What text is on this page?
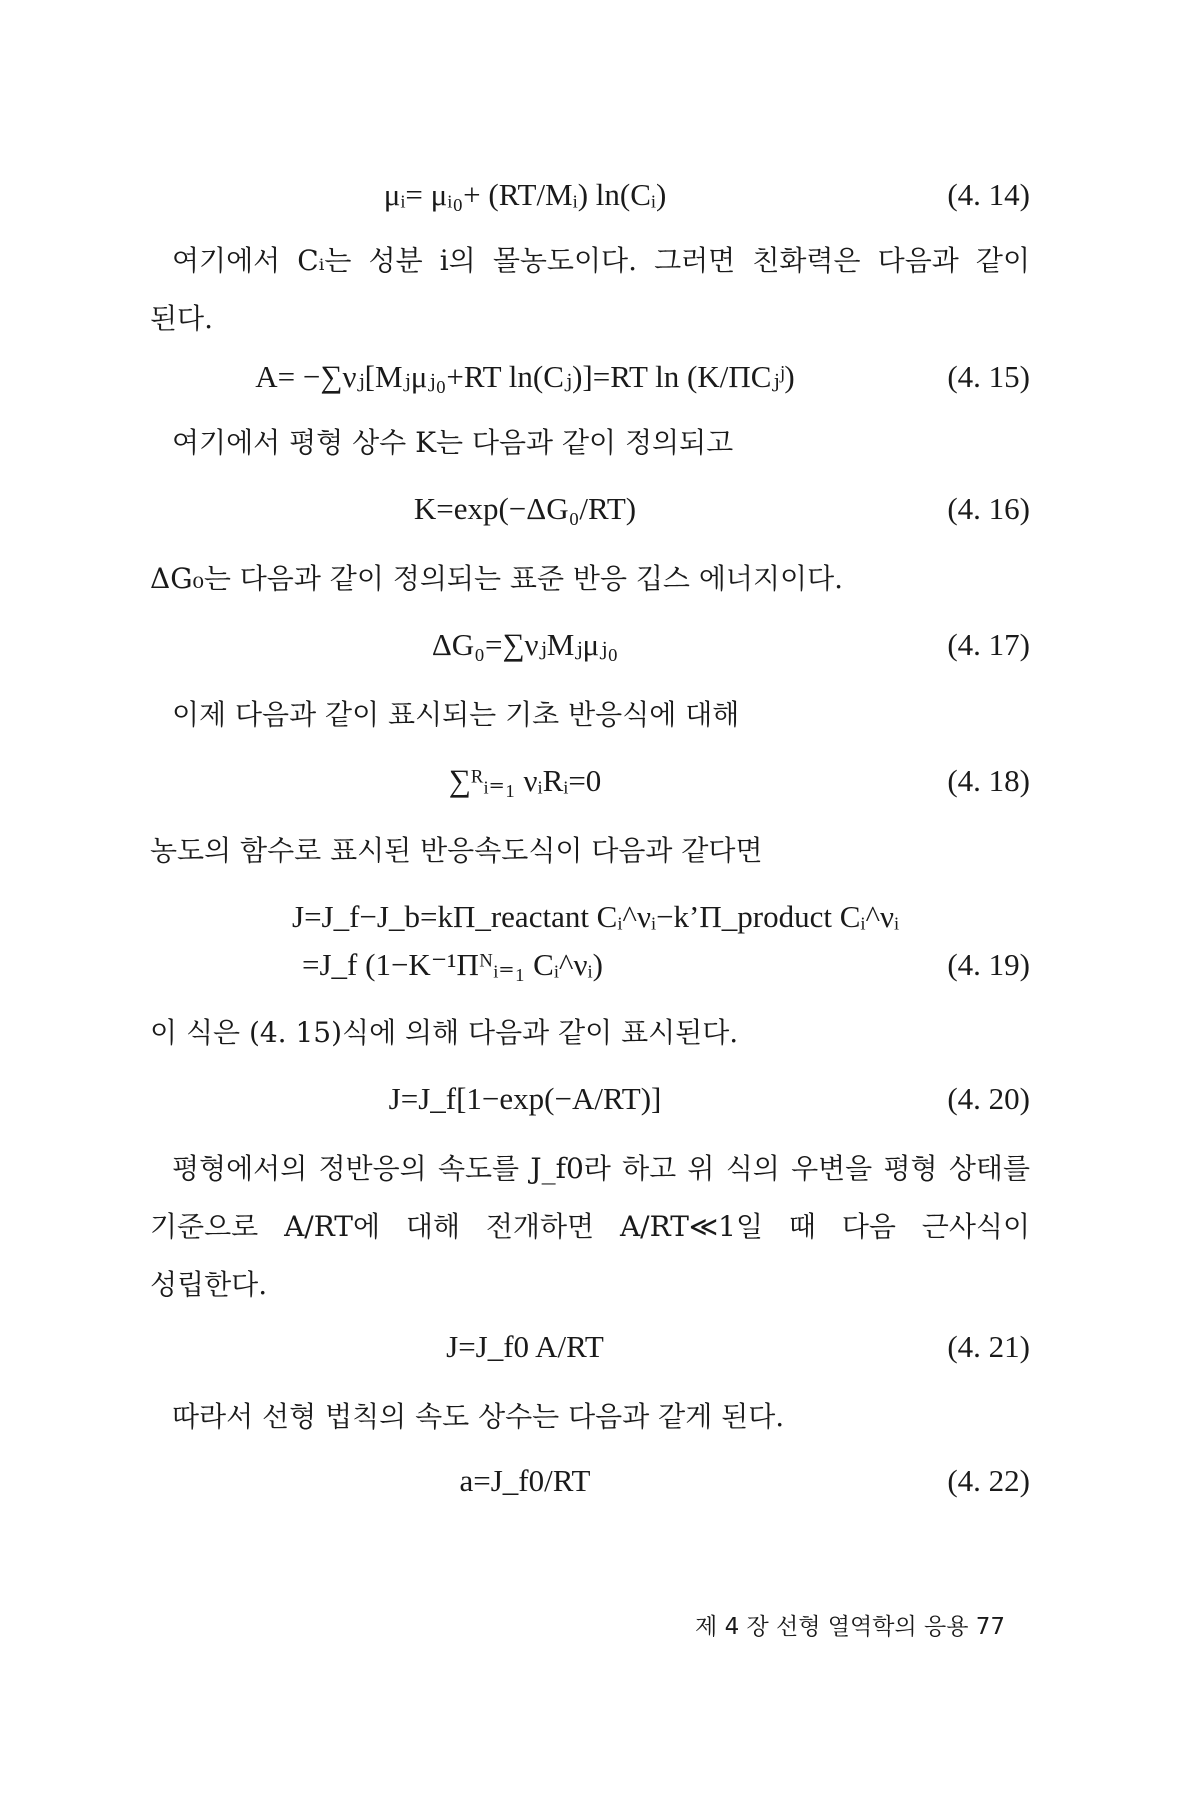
μᵢ= μᵢ₀+ (RT/Mᵢ) ln(Cᵢ)	(4. 14)
여기에서 Cᵢ는 성분 i의 몰농도이다. 그러면 친화력은 다음과 같이 된다.
A= −∑νⱼ[Mⱼμⱼ₀+RT ln(Cⱼ)]=RT ln (K/ΠCⱼʲ)	(4. 15)
여기에서 평형 상수 K는 다음과 같이 정의되고
K=exp(−ΔG₀/RT)	(4. 16)
ΔG₀는 다음과 같이 정의되는 표준 반응 깁스 에너지이다.
ΔG₀=∑νⱼMⱼμⱼ₀	(4. 17)
이제 다음과 같이 표시되는 기초 반응식에 대해
∑ᴿᵢ₌₁ νᵢRᵢ=0	(4. 18)
농도의 함수로 표시된 반응속도식이 다음과 같다면
J=J_f−J_b=kΠ_reactant Cᵢ^νᵢ−k’Π_product Cᵢ^νᵢ
=J_f (1−K⁻¹Πᴺᵢ₌₁ Cᵢ^νᵢ)	(4. 19)
이 식은 (4. 15)식에 의해 다음과 같이 표시된다.
J=J_f[1−exp(−A/RT)]	(4. 20)
평형에서의 정반응의 속도를 J_f0라 하고 위 식의 우변을 평형 상태를 기준으로 A/RT에 대해 전개하면 A/RT≪1일 때 다음 근사식이 성립한다.
J=J_f0 A/RT	(4. 21)
따라서 선형 법칙의 속도 상수는 다음과 같게 된다.
a=J_f0/RT	(4. 22)
제 4 장 선형 열역학의 응용 77
